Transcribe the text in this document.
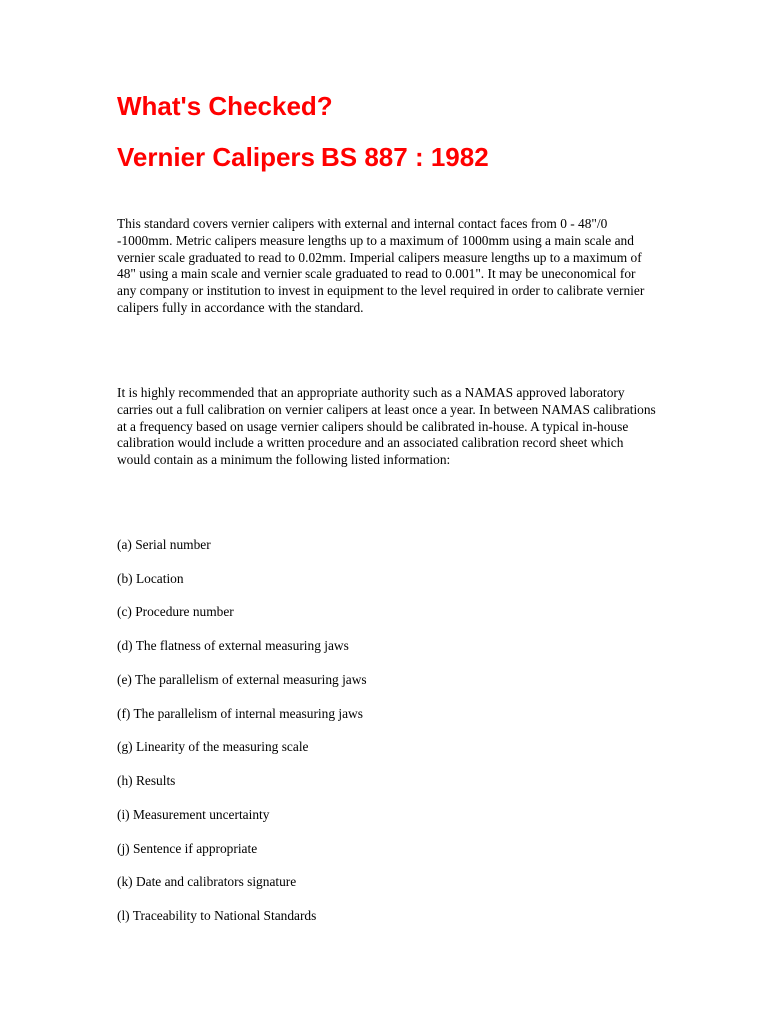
What's Checked?
Vernier Calipers BS 887 : 1982

This standard covers vernier calipers with external and internal contact faces from 0 - 48"/0 -1000mm. Metric calipers measure lengths up to a maximum of 1000mm using a main scale and vernier scale graduated to read to 0.02mm. Imperial calipers measure lengths up to a maximum of 48" using a main scale and vernier scale graduated to read to 0.001". It may be uneconomical for any company or institution to invest in equipment to the level required in order to calibrate vernier calipers fully in accordance with the standard.

It is highly recommended that an appropriate authority such as a NAMAS approved laboratory carries out a full calibration on vernier calipers at least once a year. In between NAMAS calibrations at a frequency based on usage vernier calipers should be calibrated in-house. A typical in-house calibration would include a written procedure and an associated calibration record sheet which would contain as a minimum the following listed information:

(a) Serial number

(b) Location

(c) Procedure number

(d) The flatness of external measuring jaws

(e) The parallelism of external measuring jaws

(f) The parallelism of internal measuring jaws

(g) Linearity of the measuring scale

(h) Results

(i) Measurement uncertainty

(j) Sentence if appropriate

(k) Date and calibrators signature

(l) Traceability to National Standards
